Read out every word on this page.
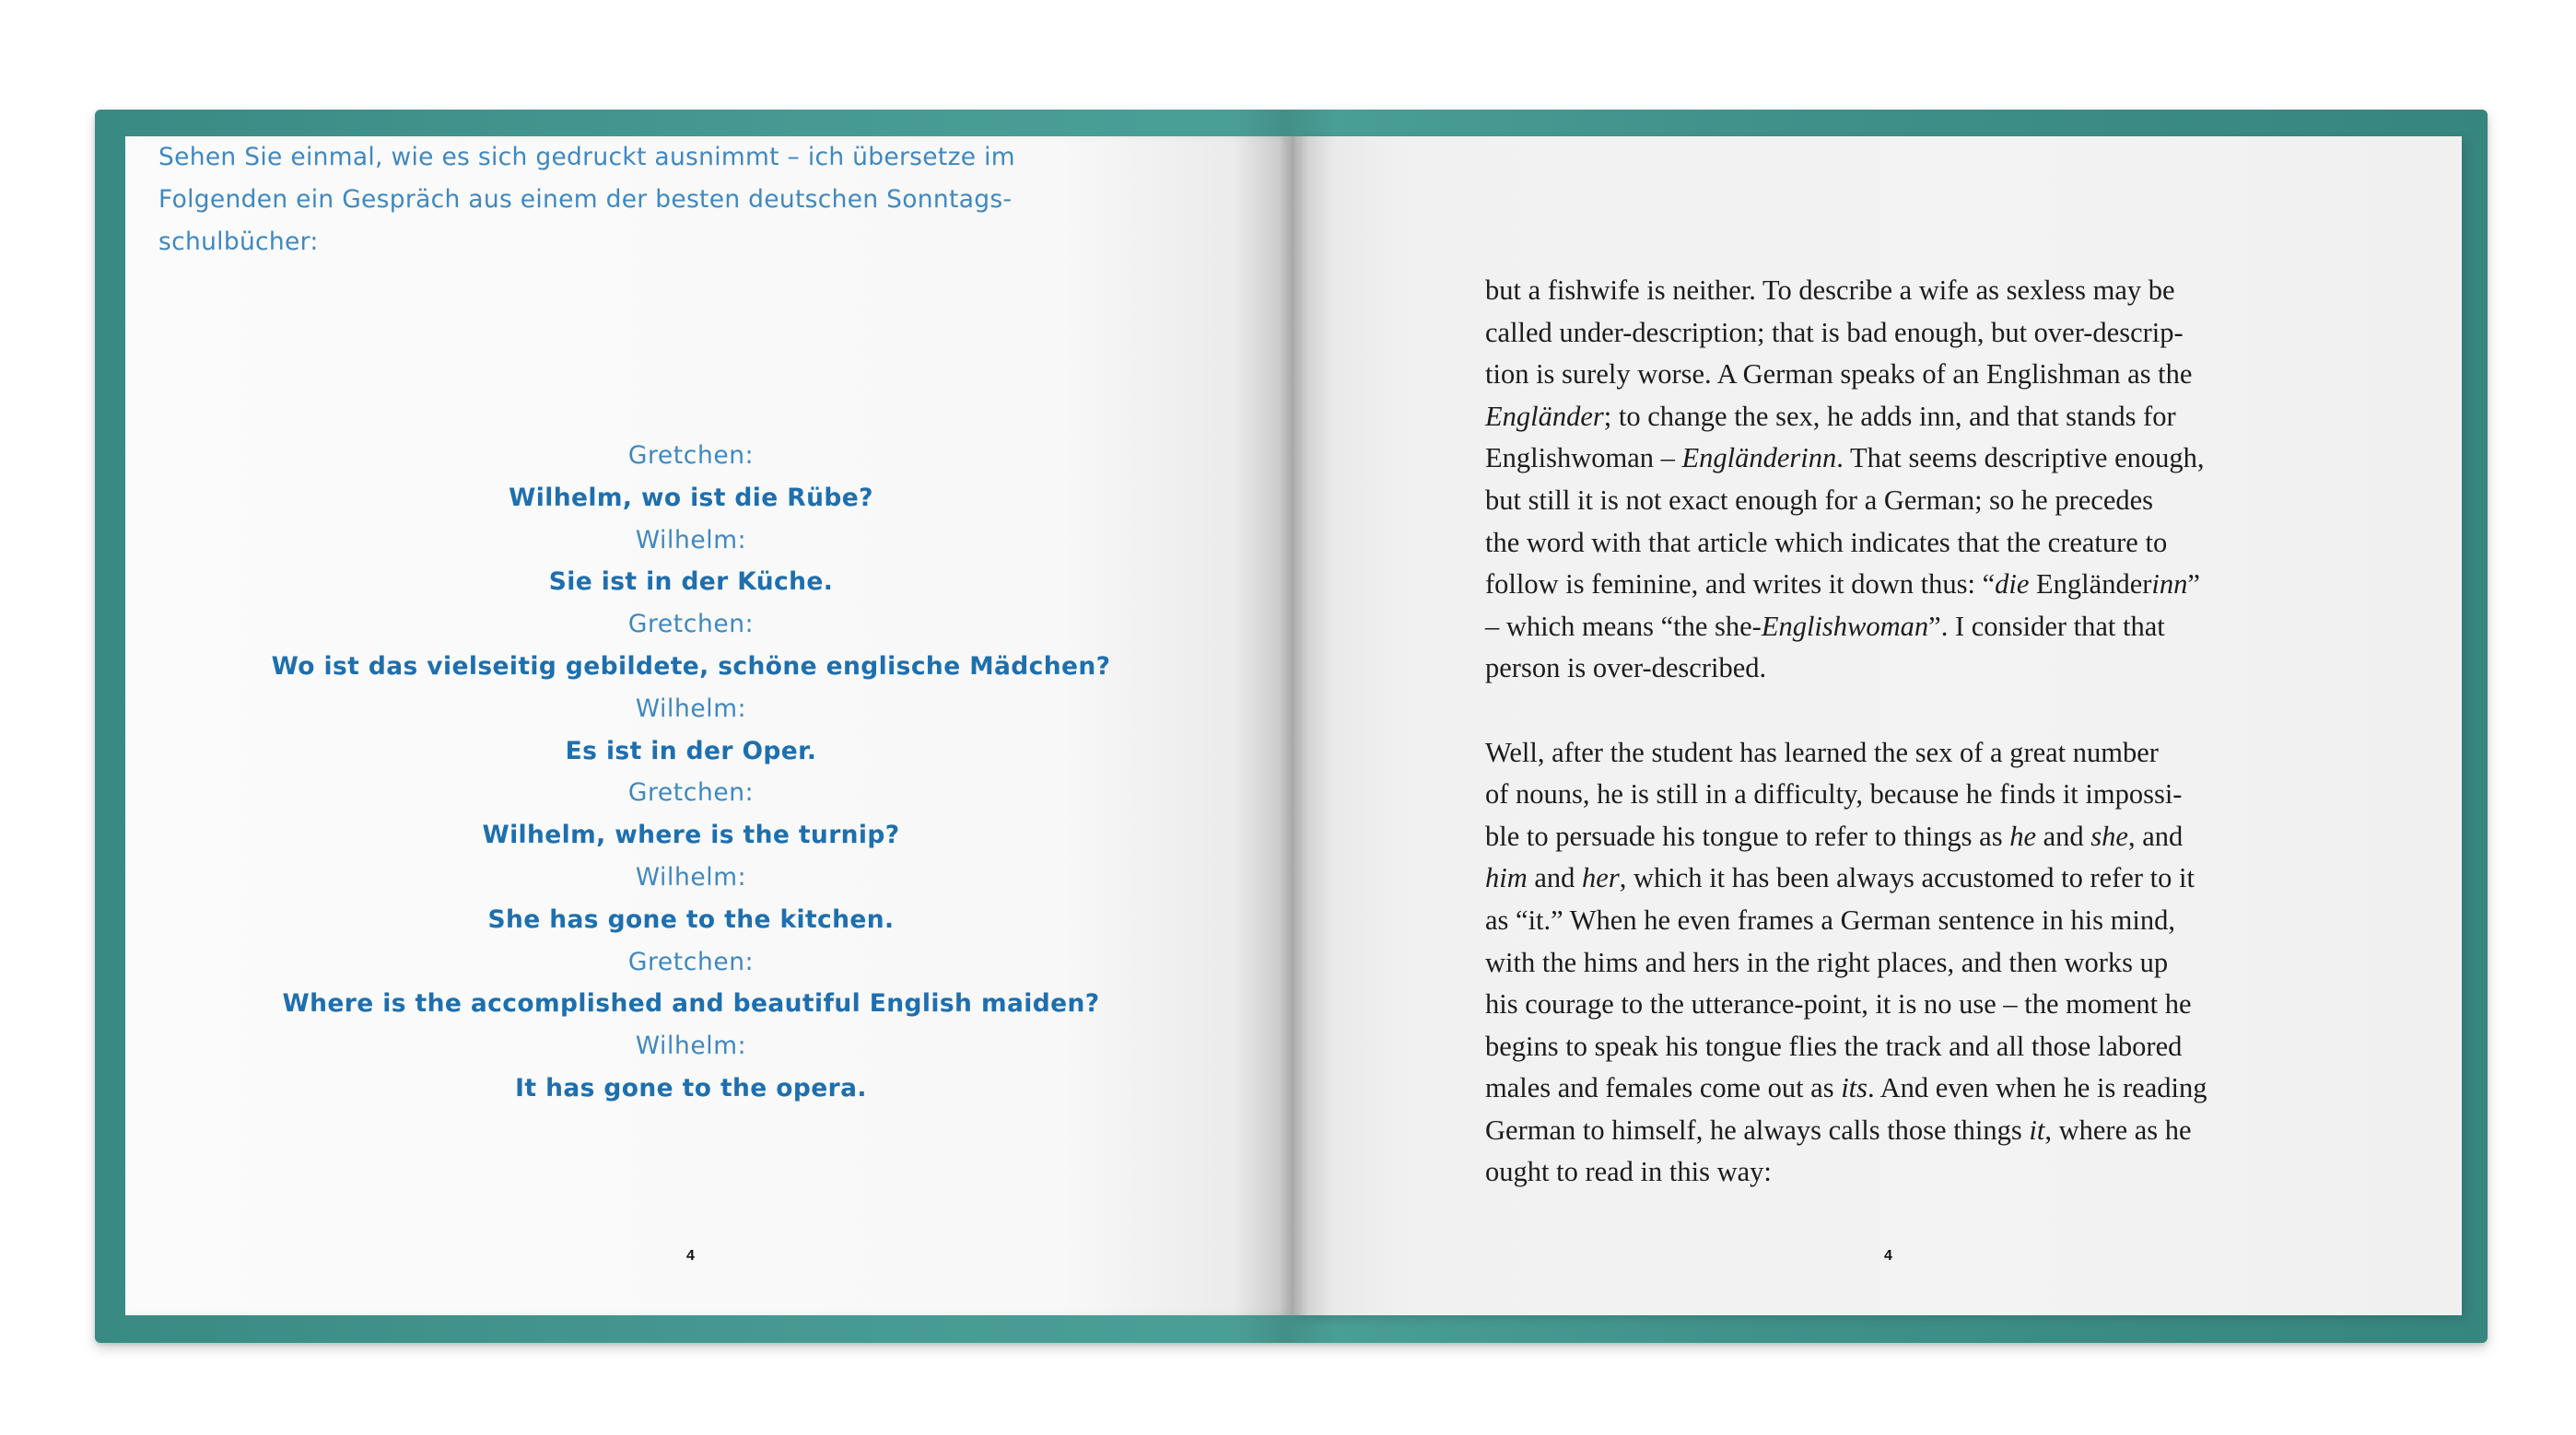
Sehen Sie einmal, wie es sich gedruckt ausnimmt – ich übersetze im
Folgenden ein Gespräch aus einem der besten deutschen Sonntags-
schulbücher:
Gretchen:
Wilhelm, wo ist die Rübe?
Wilhelm:
Sie ist in der Küche.
Gretchen:
Wo ist das vielseitig gebildete, schöne englische Mädchen?
Wilhelm:
Es ist in der Oper.
Gretchen:
Wilhelm, where is the turnip?
Wilhelm:
She has gone to the kitchen.
Gretchen:
Where is the accomplished and beautiful English maiden?
Wilhelm:
It has gone to the opera.
4
but a fishwife is neither. To describe a wife as sexless may be
called under-description; that is bad enough, but over-descrip-
tion is surely worse. A German speaks of an Englishman as the
Engländer; to change the sex, he adds inn, and that stands for
Englishwoman – Engländerinn. That seems descriptive enough,
but still it is not exact enough for a German; so he precedes
the word with that article which indicates that the creature to
follow is feminine, and writes it down thus: “die Engländerinn”
– which means “the she-Englishwoman”. I consider that that
person is over-described.
Well, after the student has learned the sex of a great number
of nouns, he is still in a difficulty, because he finds it impossi-
ble to persuade his tongue to refer to things as he and she, and
him and her, which it has been always accustomed to refer to it
as “it.” When he even frames a German sentence in his mind,
with the hims and hers in the right places, and then works up
his courage to the utterance-point, it is no use – the moment he
begins to speak his tongue flies the track and all those labored
males and females come out as its. And even when he is reading
German to himself, he always calls those things it, where as he
ought to read in this way:
4
